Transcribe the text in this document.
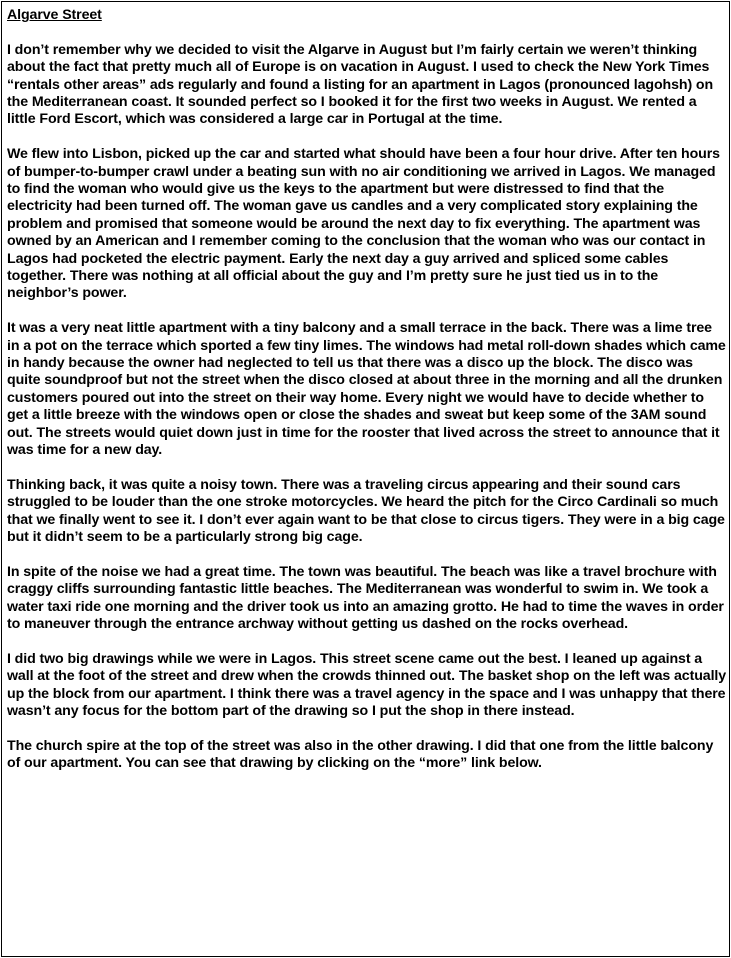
Algarve Street

I don’t remember why we decided to visit the Algarve in August but I’m fairly certain we weren’t thinking about the fact that pretty much all of Europe is on vacation in August. I used to check the New York Times “rentals other areas” ads regularly and found a listing for an apartment in Lagos (pronounced lagohsh) on the Mediterranean coast. It sounded perfect so I booked it for the first two weeks in August. We rented a little Ford Escort, which was considered a large car in Portugal at the time.

We flew into Lisbon, picked up the car and started what should have been a four hour drive. After ten hours of bumper-to-bumper crawl under a beating sun with no air conditioning we arrived in Lagos. We managed to find the woman who would give us the keys to the apartment but were distressed to find that the electricity had been turned off. The woman gave us candles and a very complicated story explaining the problem and promised that someone would be around the next day to fix everything. The apartment was owned by an American and I remember coming to the conclusion that the woman who was our contact in Lagos had pocketed the electric payment. Early the next day a guy arrived and spliced some cables together. There was nothing at all official about the guy and I’m pretty sure he just tied us in to the neighbor’s power.

It was a very neat little apartment with a tiny balcony and a small terrace in the back. There was a lime tree in a pot on the terrace which sported a few tiny limes. The windows had metal roll-down shades which came in handy because the owner had neglected to tell us that there was a disco up the block. The disco was quite soundproof but not the street when the disco closed at about three in the morning and all the drunken customers poured out into the street on their way home. Every night we would have to decide whether to get a little breeze with the windows open or close the shades and sweat but keep some of the 3AM sound out. The streets would quiet down just in time for the rooster that lived across the street to announce that it was time for a new day.

Thinking back, it was quite a noisy town. There was a traveling circus appearing and their sound cars struggled to be louder than the one stroke motorcycles. We heard the pitch for the Circo Cardinali so much that we finally went to see it. I don’t ever again want to be that close to circus tigers. They were in a big cage but it didn’t seem to be a particularly strong big cage.

In spite of the noise we had a great time. The town was beautiful. The beach was like a travel brochure with craggy cliffs surrounding fantastic little beaches. The Mediterranean was wonderful to swim in. We took a water taxi ride one morning and the driver took us into an amazing grotto. He had to time the waves in order to maneuver through the entrance archway without getting us dashed on the rocks overhead.

I did two big drawings while we were in Lagos. This street scene came out the best. I leaned up against a wall at the foot of the street and drew when the crowds thinned out. The basket shop on the left was actually up the block from our apartment. I think there was a travel agency in the space and I was unhappy that there wasn’t any focus for the bottom part of the drawing so I put the shop in there instead.

The church spire at the top of the street was also in the other drawing. I did that one from the little balcony of our apartment. You can see that drawing by clicking on the “more” link below.
